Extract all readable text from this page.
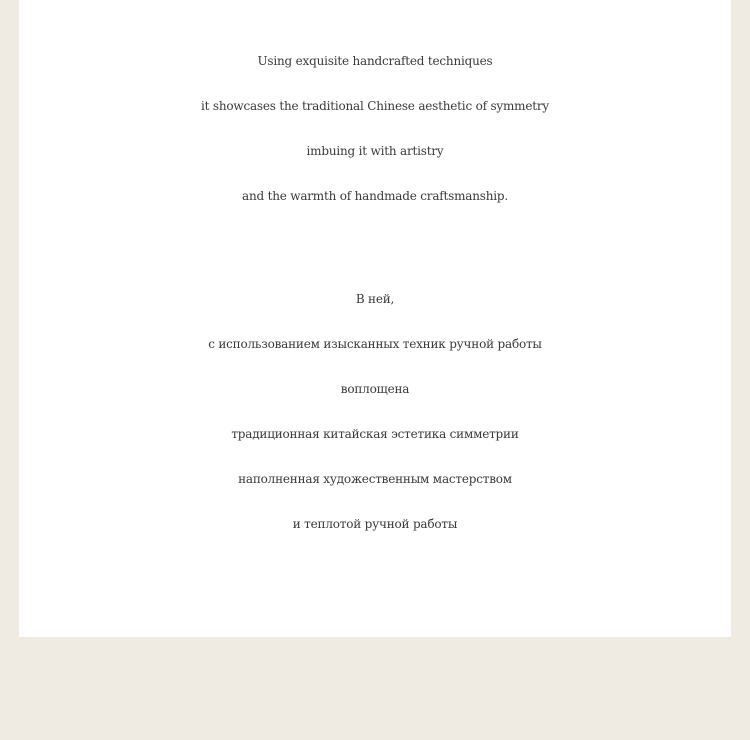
Using exquisite handcrafted techniques
it showcases the traditional Chinese aesthetic of symmetry
imbuing it with artistry
and the warmth of handmade craftsmanship.
В ней,
с использованием изысканных техник ручной работы
воплощена
традиционная китайская эстетика симметрии
наполненная художественным мастерством
и теплотой ручной работы
